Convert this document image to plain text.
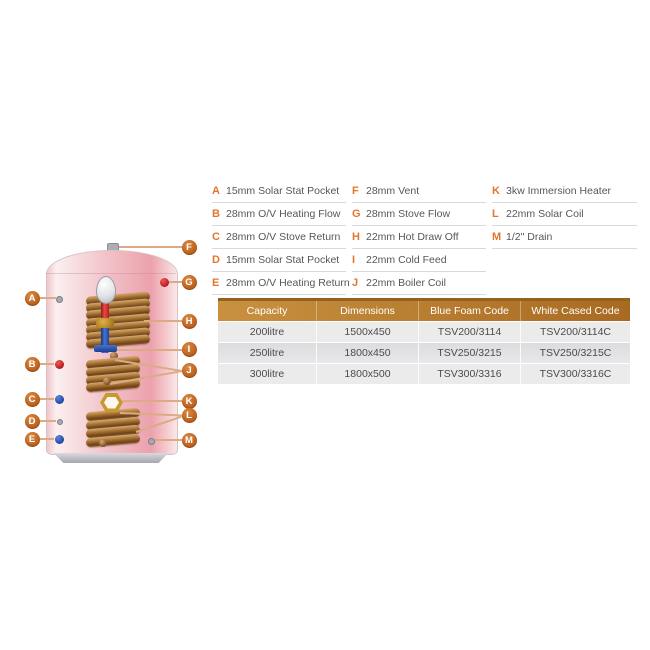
A
B
C
D
E
F
G
H
I
J
K
L
M
A 15mm Solar Stat Pocket
B 28mm O/V Heating Flow
C 28mm O/V Stove Return
D 15mm Solar Stat Pocket
E 28mm O/V Heating Return
F 28mm Vent
G 28mm Stove Flow
H 22mm Hot Draw Off
I	22mm Cold Feed
J 22mm Boiler Coil
K 3kw Immersion Heater
L 22mm Solar Coil
M 1/2" Drain
Capacity	Dimensions	Blue Foam Code	White Cased Code
200litre	1500x450	TSV200/3114	TSV200/3114C
250litre	1800x450	TSV250/3215	TSV250/3215C
300litre	1800x500	TSV300/3316	TSV300/3316C
